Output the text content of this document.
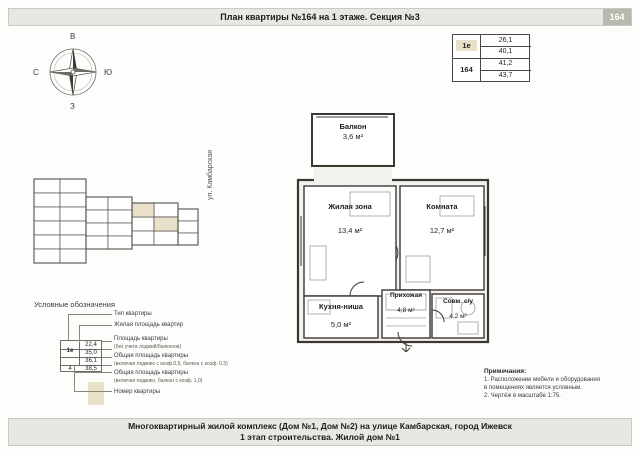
План квартиры №164 на 1 этаже. Секция №3	164
В
С	Ю
З
ул. Камбарская
Условные обозначения
1е
4
22,4
35,0
36,1
38,5
Тип квартиры
Жилая площадь квартир
Площадь квартиры
(без учета лоджий/балконов)
Общая площадь квартиры
(включая лоджию с коэф.0,5, балкон с коэф. 0,3)
Общая площадь квартиры
(включая лоджию, балкон с коэф. 1,0)
Номер квартиры
1е
164
26,1
40,1
41,2
43,7
Балкон
3,6 м²
Жилая зона
13,4 м²
Комната
12,7 м²
Кухня-ниша
5,0 м²
Прихожая
4,8 м²
Совм. с/у
4,2 м²
Примечания:
1. Расположение мебели и оборудования
в помещениях является условным.
2. Чертёж в масштабе 1:75.
Многоквартирный жилой комплекс (Дом №1, Дом №2) на улице Камбарская, город Ижевск
1 этап строительства. Жилой дом №1
